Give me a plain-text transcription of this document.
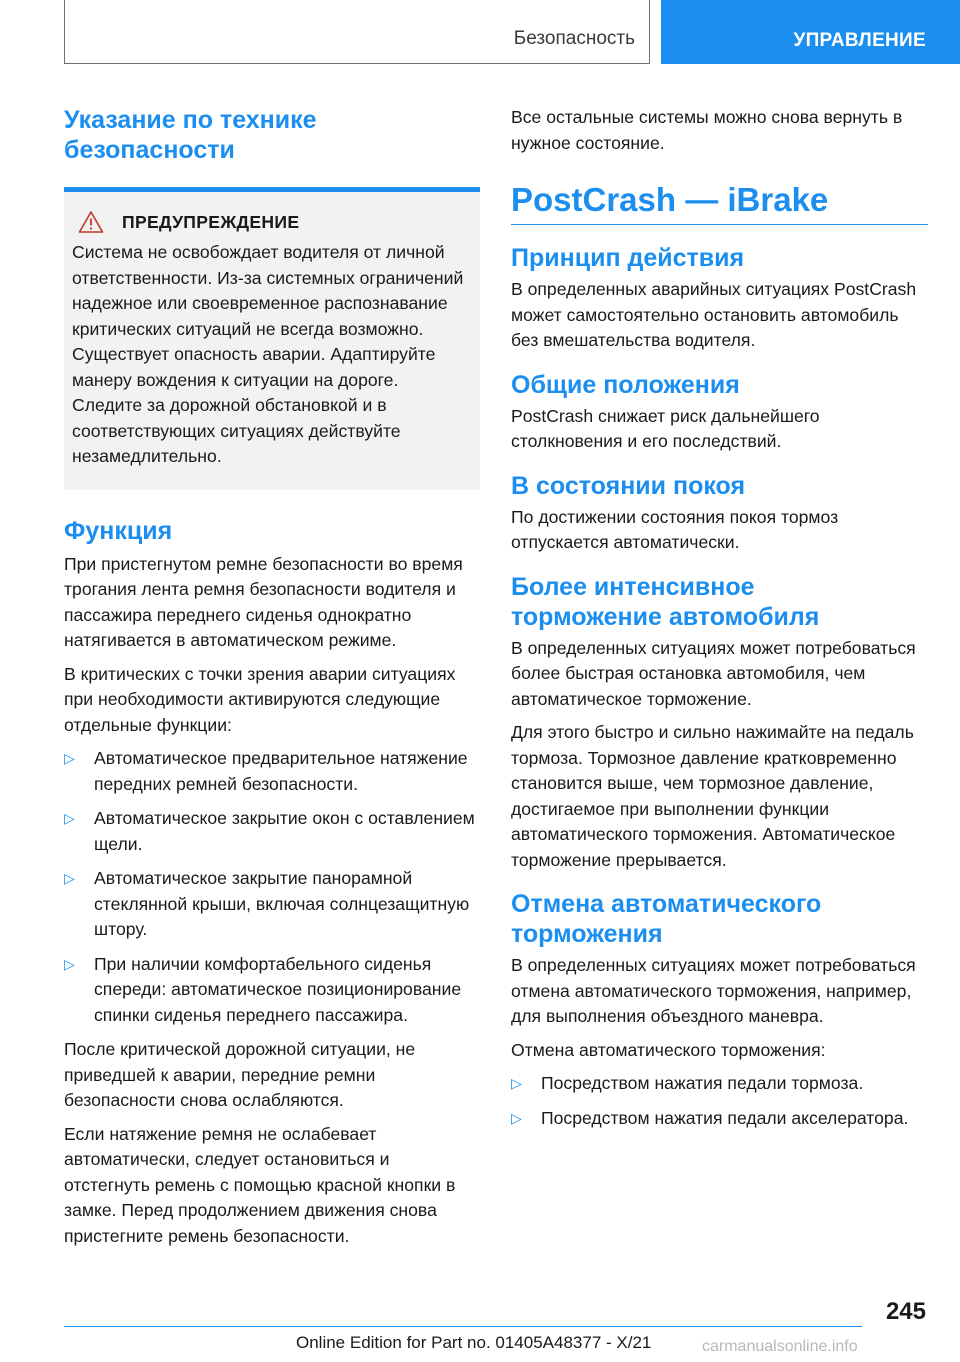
Безопасность	УПРАВЛЕНИЕ
Указание по технике безопасности
ПРЕДУПРЕЖДЕНИЕ

Система не освобождает водителя от личной ответственности. Из-за системных ограничений надежное или своевременное распознавание критических ситуаций не всегда возможно. Существует опасность аварии. Адаптируйте манеру вождения к ситуации на дороге. Следите за дорожной обстановкой и в соответствующих ситуациях действуйте незамедлительно.

Функция

При пристегнутом ремне безопасности во время трогания лента ремня безопасности водителя и пассажира переднего сиденья однократно натягивается в автоматическом режиме.

В критических с точки зрения аварии ситуациях при необходимости активируются следующие отдельные функции:

▷ Автоматическое предварительное натяжение передних ремней безопасности.
▷ Автоматическое закрытие окон с оставлением щели.
▷ Автоматическое закрытие панорамной стеклянной крыши, включая солнцезащитную штору.
▷ При наличии комфортабельного сиденья спереди: автоматическое позиционирование спинки сиденья переднего пассажира.

После критической дорожной ситуации, не приведшей к аварии, передние ремни безопасности снова ослабляются.

Если натяжение ремня не ослабевает автоматически, следует остановиться и отстегнуть ремень с помощью красной кнопки в замке. Перед продолжением движения снова пристегните ремень безопасности.

Все остальные системы можно снова вернуть в нужное состояние.

PostCrash — iBrake
Принцип действия

В определенных аварийных ситуациях PostCrash может самостоятельно остановить автомобиль без вмешательства водителя.

Общие положения

PostCrash снижает риск дальнейшего столкновения и его последствий.

В состоянии покоя

По достижении состояния покоя тормоз отпускается автоматически.

Более интенсивное торможение автомобиля

В определенных ситуациях может потребоваться более быстрая остановка автомобиля, чем автоматическое торможение.

Для этого быстро и сильно нажимайте на педаль тормоза. Тормозное давление кратковременно становится выше, чем тормозное давление, достигаемое при выполнении функции автоматического торможения. Автоматическое торможение прерывается.

Отмена автоматического торможения

В определенных ситуациях может потребоваться отмена автоматического торможения, например, для выполнения объездного маневра.

Отмена автоматического торможения:

▷ Посредством нажатия педали тормоза.
▷ Посредством нажатия педали акселератора.
245
Online Edition for Part no. 01405A48377 - X/21	carmanualsonline.info
